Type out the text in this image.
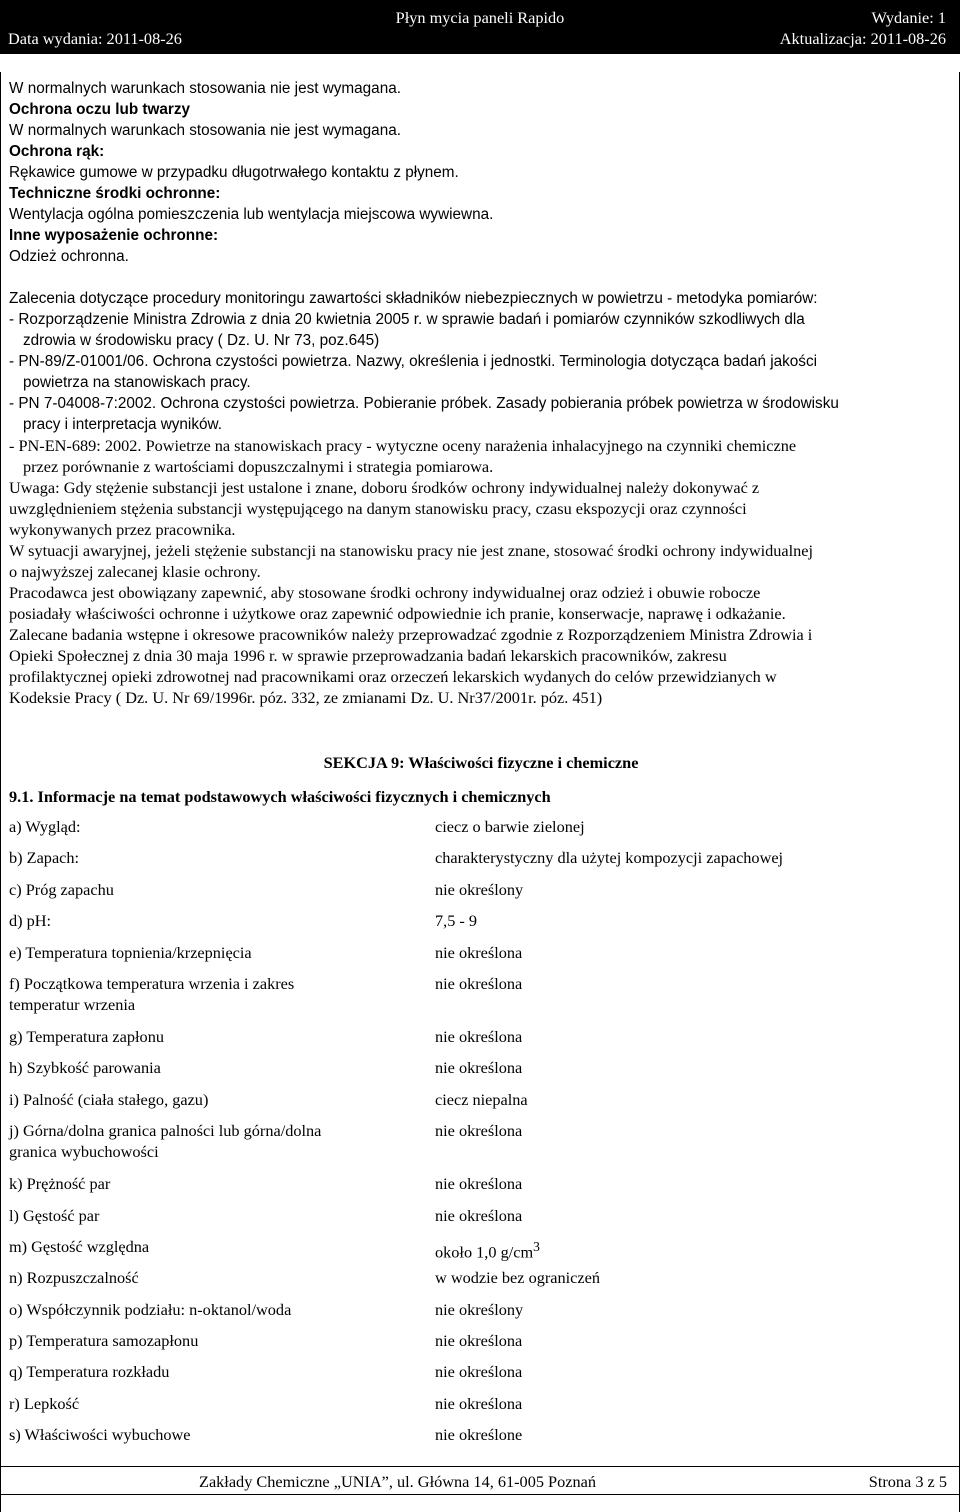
Płyn mycia paneli Rapido	Wydanie: 1
Data wydania: 2011-08-26	Aktualizacja: 2011-08-26

W normalnych warunkach stosowania nie jest wymagana.

Ochrona oczu lub twarzy

W normalnych warunkach stosowania nie jest wymagana.

Ochrona rąk:

Rękawice gumowe w przypadku długotrwałego kontaktu z płynem.

Techniczne środki ochronne:

Wentylacja ogólna pomieszczenia lub wentylacja miejscowa wywiewna.

Inne wyposażenie ochronne:

Odzież ochronna.

Zalecenia dotyczące procedury monitoringu zawartości składników niebezpiecznych w powietrzu - metodyka pomiarów:

- Rozporządzenie Ministra Zdrowia z dnia 20 kwietnia 2005 r. w sprawie badań i pomiarów czynników szkodliwych dla

zdrowia w środowisku pracy ( Dz. U. Nr 73, poz.645)

- PN-89/Z-01001/06. Ochrona czystości powietrza. Nazwy, określenia i jednostki. Terminologia dotycząca badań jakości

powietrza na stanowiskach pracy.

- PN 7-04008-7:2002. Ochrona czystości powietrza. Pobieranie próbek. Zasady pobierania próbek powietrza w środowisku

pracy i interpretacja wyników.

- PN-EN-689: 2002. Powietrze na stanowiskach pracy - wytyczne oceny narażenia inhalacyjnego na czynniki chemiczne

przez porównanie z wartościami dopuszczalnymi i strategia pomiarowa.

Uwaga: Gdy stężenie substancji jest ustalone i znane, doboru środków ochrony indywidualnej należy dokonywać z

uwzględnieniem stężenia substancji występującego na danym stanowisku pracy, czasu ekspozycji oraz czynności

wykonywanych przez pracownika.

W sytuacji awaryjnej, jeżeli stężenie substancji na stanowisku pracy nie jest znane, stosować środki ochrony indywidualnej

o najwyższej zalecanej klasie ochrony.

Pracodawca jest obowiązany zapewnić, aby stosowane środki ochrony indywidualnej oraz odzież i obuwie robocze

posiadały właściwości ochronne i użytkowe oraz zapewnić odpowiednie ich pranie, konserwacje, naprawę i odkażanie.

Zalecane badania wstępne i okresowe pracowników należy przeprowadzać zgodnie z Rozporządzeniem Ministra Zdrowia i

Opieki Społecznej z dnia 30 maja 1996 r. w sprawie przeprowadzania badań lekarskich pracowników, zakresu

profilaktycznej opieki zdrowotnej nad pracownikami oraz orzeczeń lekarskich wydanych do celów przewidzianych w

Kodeksie Pracy ( Dz. U. Nr 69/1996r. póz. 332, ze zmianami Dz. U. Nr37/2001r. póz. 451)

SEKCJA 9: Właściwości fizyczne i chemiczne
9.1. Informacje na temat podstawowych właściwości fizycznych i chemicznych
a) Wygląd:	ciecz o barwie zielonej
b) Zapach:	charakterystyczny dla użytej kompozycji zapachowej
c) Próg zapachu	nie określony
d) pH:	7,5 - 9
e) Temperatura topnienia/krzepnięcia	nie określona
f) Początkowa temperatura wrzenia i zakres
temperatur wrzenia	nie określona
g) Temperatura zapłonu	nie określona
h) Szybkość parowania	nie określona
i) Palność (ciała stałego, gazu)	ciecz niepalna
j) Górna/dolna granica palności lub górna/dolna
granica wybuchowości	nie określona
k) Prężność par	nie określona
l) Gęstość par	nie określona
m) Gęstość względna	około 1,0 $g/cm^3$
n) Rozpuszczalność	w wodzie bez ograniczeń
o) Współczynnik podziału: n-oktanol/woda	nie określony
p) Temperatura samozapłonu	nie określona
q) Temperatura rozkładu	nie określona
r) Lepkość	nie określona
s) Właściwości wybuchowe	nie określone
Zakłady Chemiczne „UNIA”, ul. Główna 14, 61-005 Poznań	Strona 3 z 5
